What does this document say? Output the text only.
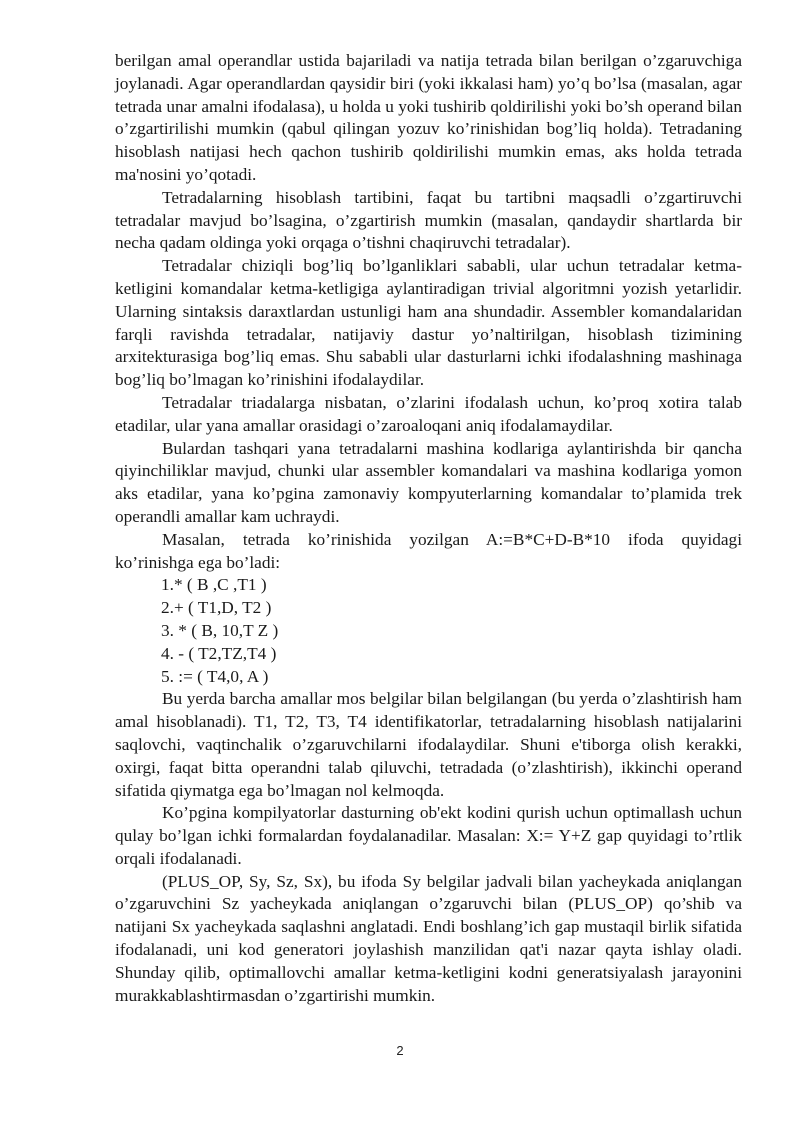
berilgan amal operandlar ustida bajariladi va natija tetrada bilan berilgan o’zgaruvchiga joylanadi. Agar operandlardan qaysidir biri (yoki ikkalasi ham) yo’q bo’lsa (masalan, agar tetrada unar amalni ifodalasa), u holda u yoki tushirib qoldirilishi yoki bo’sh operand bilan o’zgartirilishi mumkin (qabul qilingan yozuv ko’rinishidan bog’liq holda). Tetradaning hisoblash natijasi hech qachon tushirib qoldirilishi mumkin emas, aks holda tetrada ma'nosini yo’qotadi.

Tetradalarning hisoblash tartibini, faqat bu tartibni maqsadli o’zgartiruvchi tetradalar mavjud bo’lsagina, o’zgartirish mumkin (masalan, qandaydir shartlarda bir necha qadam oldinga yoki orqaga o’tishni chaqiruvchi tetradalar).

Tetradalar chiziqli bog’liq bo’lganliklari sababli, ular uchun tetradalar ketma-ketligini komandalar ketma-ketligiga aylantiradigan trivial algoritmni yozish yetarlidir. Ularning sintaksis daraxtlardan ustunligi ham ana shundadir. Assembler komandalaridan farqli ravishda tetradalar, natijaviy dastur yo’naltirilgan, hisoblash tizimining arxitekturasiga bog’liq emas. Shu sababli ular dasturlarni ichki ifodalashning mashinaga bog’liq bo’lmagan ko’rinishini ifodalaydilar.

Tetradalar triadalarga nisbatan, o’zlarini ifodalash uchun, ko’proq xotira talab etadilar, ular yana amallar orasidagi o’zaroaloqani aniq ifodalamaydilar.

Bulardan tashqari yana tetradalarni mashina kodlariga aylantirishda bir qancha qiyinchiliklar mavjud, chunki ular assembler komandalari va mashina kodlariga yomon aks etadilar, yana ko’pgina zamonaviy kompyuterlarning komandalar to’plamida trek operandli amallar kam uchraydi.

Masalan, tetrada ko’rinishida yozilgan A:=B*C+D-B*10 ifoda quyidagi ko’rinishga ega bo’ladi:

1.* ( B ,C ,T1 )
2.+ ( T1,D, T2 )
3. * ( B, 10,T Z )
4. - ( T2,TZ,T4 )
5. := ( T4,0, A )

Bu yerda barcha amallar mos belgilar bilan belgilangan (bu yerda o’zlashtirish ham amal hisoblanadi). T1, T2, T3, T4 identifikatorlar, tetradalarning hisoblash natijalarini saqlovchi, vaqtinchalik o’zgaruvchilarni ifodalaydilar. Shuni e'tiborga olish kerakki, oxirgi, faqat bitta operandni talab qiluvchi, tetradada (o’zlashtirish), ikkinchi operand sifatida qiymatga ega bo’lmagan nol kelmoqda.

Ko’pgina kompilyatorlar dasturning ob'ekt kodini qurish uchun optimallash uchun qulay bo’lgan ichki formalardan foydalanadilar. Masalan: X:= Y+Z gap quyidagi to’rtlik orqali ifodalanadi.

(PLUS_OP, Sy, Sz, Sx), bu ifoda Sy belgilar jadvali bilan yacheykada aniqlangan o’zgaruvchini Sz yacheykada aniqlangan o’zgaruvchi bilan (PLUS_OP) qo’shib va natijani Sx yacheykada saqlashni anglatadi. Endi boshlang’ich gap mustaqil birlik sifatida ifodalanadi, unі kod generatori joylashish manzilidan qat'i nazar qayta ishlay oladi. Shunday qilib, optimallovchi amallar ketma-ketligini kodni generatsiyalash jarayonini murakkablashtirmasdan o’zgartirishi mumkin.

2
